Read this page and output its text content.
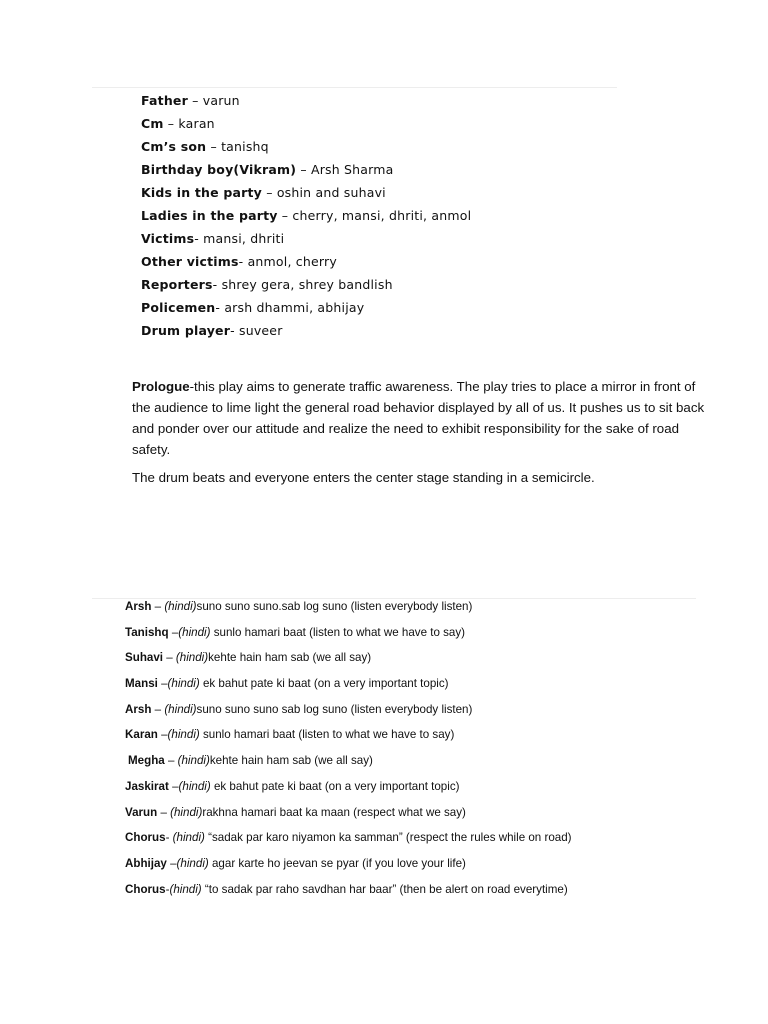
Father – varun
Cm – karan
Cm’s son – tanishq
Birthday boy(Vikram) – Arsh Sharma
Kids in the party – oshin and suhavi
Ladies in the party – cherry, mansi, dhriti, anmol
Victims- mansi, dhriti
Other victims- anmol, cherry
Reporters- shrey gera, shrey bandlish
Policemen- arsh dhammi, abhijay
Drum player- suveer

Prologue-this play aims to generate traffic awareness. The play tries to place a mirror in front of the audience to lime light the general road behavior displayed by all of us. It pushes us to sit back and ponder over our attitude and realize the need to exhibit responsibility for the sake of road safety.

The drum beats and everyone enters the center stage standing in a semicircle.

Arsh – (hindi)suno suno suno.sab log suno (listen everybody listen)
Tanishq –(hindi) sunlo hamari baat (listen to what we have to say)
Suhavi – (hindi)kehte hain ham sab (we all say)
Mansi –(hindi) ek bahut pate ki baat (on a very important topic)
Arsh – (hindi)suno suno suno sab log suno (listen everybody listen)
Karan –(hindi) sunlo hamari baat (listen to what we have to say)
Megha – (hindi)kehte hain ham sab (we all say)
Jaskirat –(hindi) ek bahut pate ki baat (on a very important topic)
Varun – (hindi)rakhna hamari baat ka maan (respect what we say)
Chorus- (hindi) “sadak par karo niyamon ka samman” (respect the rules while on road)
Abhijay –(hindi) agar karte ho jeevan se pyar (if you love your life)
Chorus-(hindi) “to sadak par raho savdhan har baar” (then be alert on road everytime)
